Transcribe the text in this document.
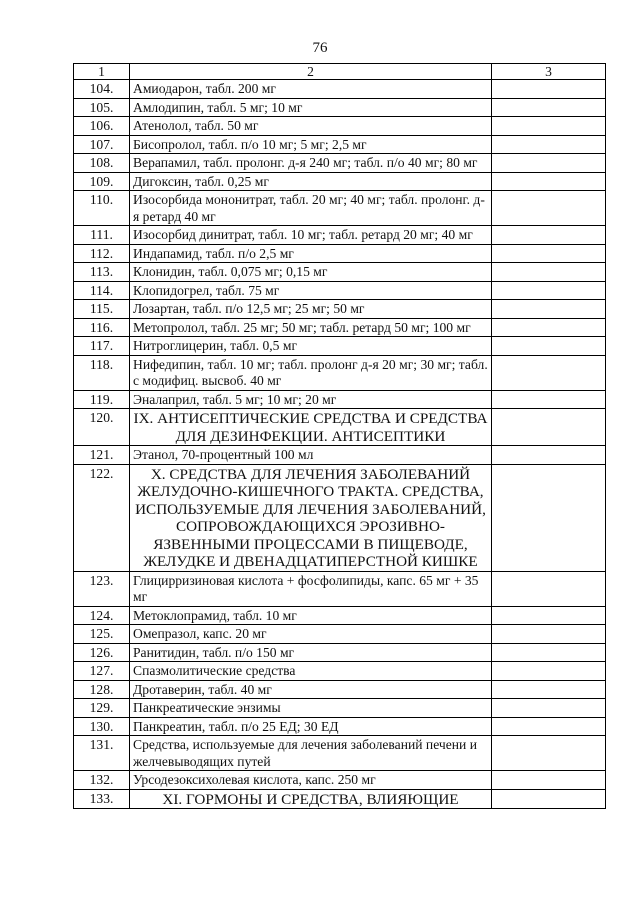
76
1	2	3
104.	Амиодарон, табл. 200 мг	
105.	Амлодипин, табл. 5 мг; 10 мг	
106.	Атенолол, табл. 50 мг	
107.	Бисопролол, табл. п/о 10 мг; 5 мг; 2,5 мг	
108.	Верапамил, табл. пролонг. д-я 240 мг; табл. п/о 40 мг; 80 мг	
109.	Дигоксин, табл. 0,25 мг	
110.	Изосорбида мононитрат, табл. 20 мг; 40 мг; табл. пролонг. д-я ретард 40 мг	
111.	Изосорбид динитрат, табл. 10 мг; табл. ретард 20 мг; 40 мг	
112.	Индапамид, табл. п/о 2,5 мг	
113.	Клонидин, табл. 0,075 мг; 0,15 мг	
114.	Клопидогрел, табл. 75 мг	
115.	Лозартан, табл. п/о 12,5 мг; 25 мг; 50 мг	
116.	Метопролол, табл. 25 мг; 50 мг; табл. ретард 50 мг; 100 мг	
117.	Нитроглицерин, табл. 0,5 мг	
118.	Нифедипин, табл. 10 мг; табл. пролонг д-я 20 мг; 30 мг; табл. с модифиц. высвоб. 40 мг	
119.	Эналаприл, табл. 5 мг; 10 мг; 20 мг	
120.	IX. АНТИСЕПТИЧЕСКИЕ СРЕДСТВА И СРЕДСТВА ДЛЯ ДЕЗИНФЕКЦИИ. АНТИСЕПТИКИ	
121.	Этанол, 70-процентный 100 мл	
122.	X. СРЕДСТВА ДЛЯ ЛЕЧЕНИЯ ЗАБОЛЕВАНИЙ ЖЕЛУДОЧНО-КИШЕЧНОГО ТРАКТА. СРЕДСТВА, ИСПОЛЬЗУЕМЫЕ ДЛЯ ЛЕЧЕНИЯ ЗАБОЛЕВАНИЙ, СОПРОВОЖДАЮЩИХСЯ ЭРОЗИВНО-ЯЗВЕННЫМИ ПРОЦЕССАМИ В ПИЩЕВОДЕ, ЖЕЛУДКЕ И ДВЕНАДЦАТИПЕРСТНОЙ КИШКЕ	
123.	Глицирризиновая кислота + фосфолипиды, капс. 65 мг + 35 мг	
124.	Метоклопрамид, табл. 10 мг	
125.	Омепразол, капс. 20 мг	
126.	Ранитидин, табл. п/о 150 мг	
127.	Спазмолитические средства	
128.	Дротаверин, табл. 40 мг	
129.	Панкреатические энзимы	
130.	Панкреатин, табл. п/о 25 ЕД; 30 ЕД	
131.	Средства, используемые для лечения заболеваний печени и желчевыводящих путей	
132.	Урсодезоксихолевая кислота, капс. 250 мг	
133.	XI. ГОРМОНЫ И СРЕДСТВА, ВЛИЯЮЩИЕ	
